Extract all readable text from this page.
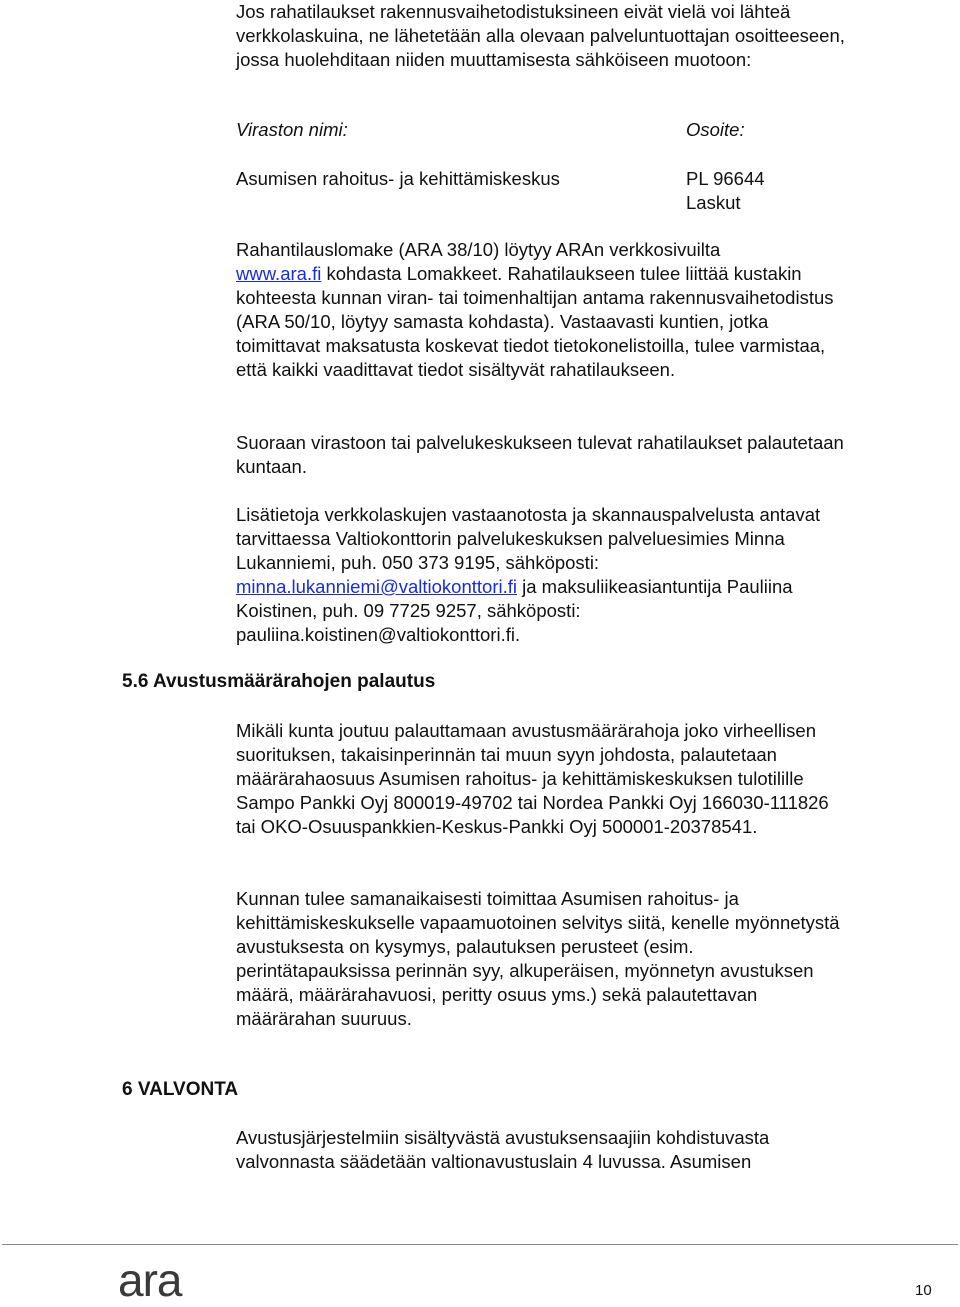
Jos rahatilaukset rakennusvaihetodistuksineen eivät vielä voi lähteä verkkolaskuina, ne lähetetään alla olevaan palveluntuottajan osoitteeseen, jossa huolehditaan niiden muuttamisesta sähköiseen muotoon:

Viraston nimi:	Osoite:
Asumisen rahoitus- ja kehittämiskeskus	PL 96644
Laskut

Rahantilauslomake (ARA 38/10) löytyy ARAn verkkosivuilta
www.ara.fi kohdasta Lomakkeet. Rahatilaukseen tulee liittää kustakin kohteesta kunnan viran- tai toimenhaltijan antama rakennusvaihetodistus (ARA 50/10, löytyy samasta kohdasta). Vastaavasti kuntien, jotka toimittavat maksatusta koskevat tiedot tietokonelistoilla, tulee varmistaa, että kaikki vaadittavat tiedot sisältyvät rahatilaukseen.

Suoraan virastoon tai palvelukeskukseen tulevat rahatilaukset palautetaan kuntaan.

Lisätietoja verkkolaskujen vastaanotosta ja skannauspalvelusta antavat tarvittaessa Valtiokonttorin palvelukeskuksen palveluesimies Minna Lukanniemi, puh. 050 373 9195, sähköposti: minna.lukanniemi@valtiokonttori.fi ja maksuliikeasiantuntija Pauliina Koistinen, puh. 09 7725 9257, sähköposti: pauliina.koistinen@valtiokonttori.fi.

5.6 Avustusmäärärahojen palautus

Mikäli kunta joutuu palauttamaan avustusmäärärahoja joko virheellisen suorituksen, takaisinperinnän tai muun syyn johdosta, palautetaan määrärahaosuus Asumisen rahoitus- ja kehittämiskeskuksen tulotilille Sampo Pankki Oyj 800019-49702 tai Nordea Pankki Oyj 166030-111826 tai OKO-Osuuspankkien-Keskus-Pankki Oyj 500001-20378541.

Kunnan tulee samanaikaisesti toimittaa Asumisen rahoitus- ja kehittämiskeskukselle vapaamuotoinen selvitys siitä, kenelle myönnetystä avustuksesta on kysymys, palautuksen perusteet (esim. perintätapauksissa perinnän syy, alkuperäisen, myönnetyn avustuksen määrä, määrärahavuosi, peritty osuus yms.) sekä palautettavan määrärahan suuruus.

6 VALVONTA

Avustusjärjestelmiin sisältyvästä avustuksensaajiin kohdistuvasta valvonnasta säädetään valtionavustuslain 4 luvussa. Asumisen

ara	10
